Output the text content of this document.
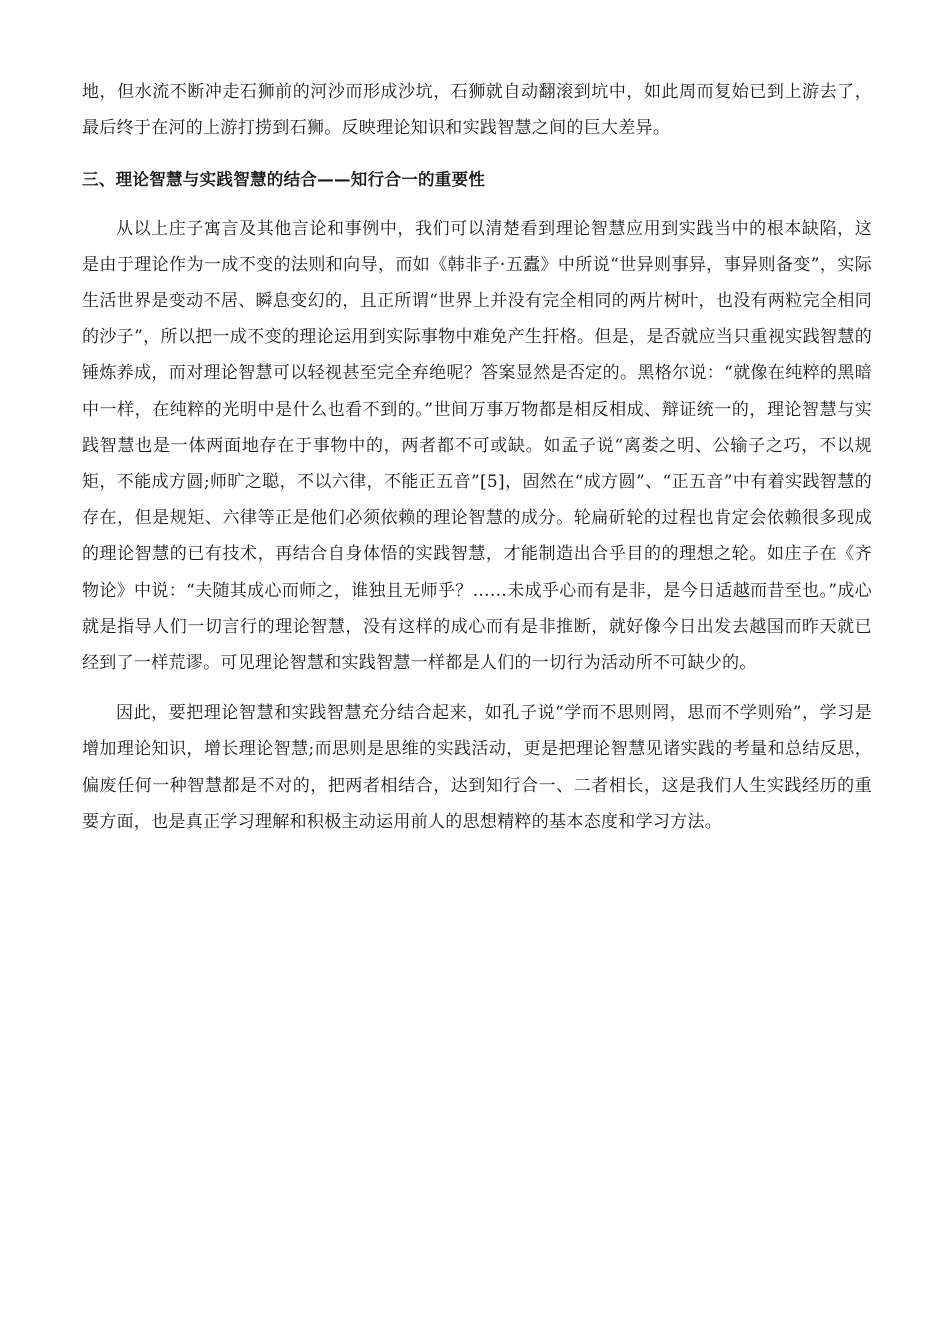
地，但水流不断冲走石狮前的河沙而形成沙坑，石狮就自动翻滚到坑中，如此周而复始已到上游去了，最后终于在河的上游打捞到石狮。反映理论知识和实践智慧之间的巨大差异。

三、理论智慧与实践智慧的结合——知行合一的重要性

从以上庄子寓言及其他言论和事例中，我们可以清楚看到理论智慧应用到实践当中的根本缺陷，这是由于理论作为一成不变的法则和向导，而如《韩非子·五蠹》中所说“世异则事异，事异则备变”，实际生活世界是变动不居、瞬息变幻的，且正所谓“世界上并没有完全相同的两片树叶，也没有两粒完全相同的沙子”，所以把一成不变的理论运用到实际事物中难免产生扞格。但是，是否就应当只重视实践智慧的锤炼养成，而对理论智慧可以轻视甚至完全弃绝呢？答案显然是否定的。黑格尔说：“就像在纯粹的黑暗中一样，在纯粹的光明中是什么也看不到的。”世间万事万物都是相反相成、辩证统一的，理论智慧与实践智慧也是一体两面地存在于事物中的，两者都不可或缺。如孟子说“离娄之明、公输子之巧，不以规矩，不能成方圆;师旷之聪，不以六律，不能正五音”[5]，固然在“成方圆”、“正五音”中有着实践智慧的存在，但是规矩、六律等正是他们必须依赖的理论智慧的成分。轮扁斫轮的过程也肯定会依赖很多现成的理论智慧的已有技术，再结合自身体悟的实践智慧，才能制造出合乎目的的理想之轮。如庄子在《齐物论》中说：“夫随其成心而师之，谁独且无师乎？……未成乎心而有是非，是今日适越而昔至也。”成心就是指导人们一切言行的理论智慧，没有这样的成心而有是非推断，就好像今日出发去越国而昨天就已经到了一样荒谬。可见理论智慧和实践智慧一样都是人们的一切行为活动所不可缺少的。

因此，要把理论智慧和实践智慧充分结合起来，如孔子说“学而不思则罔，思而不学则殆”，学习是增加理论知识，增长理论智慧;而思则是思维的实践活动，更是把理论智慧见诸实践的考量和总结反思，偏废任何一种智慧都是不对的，把两者相结合，达到知行合一、二者相长，这是我们人生实践经历的重要方面，也是真正学习理解和积极主动运用前人的思想精粹的基本态度和学习方法。
